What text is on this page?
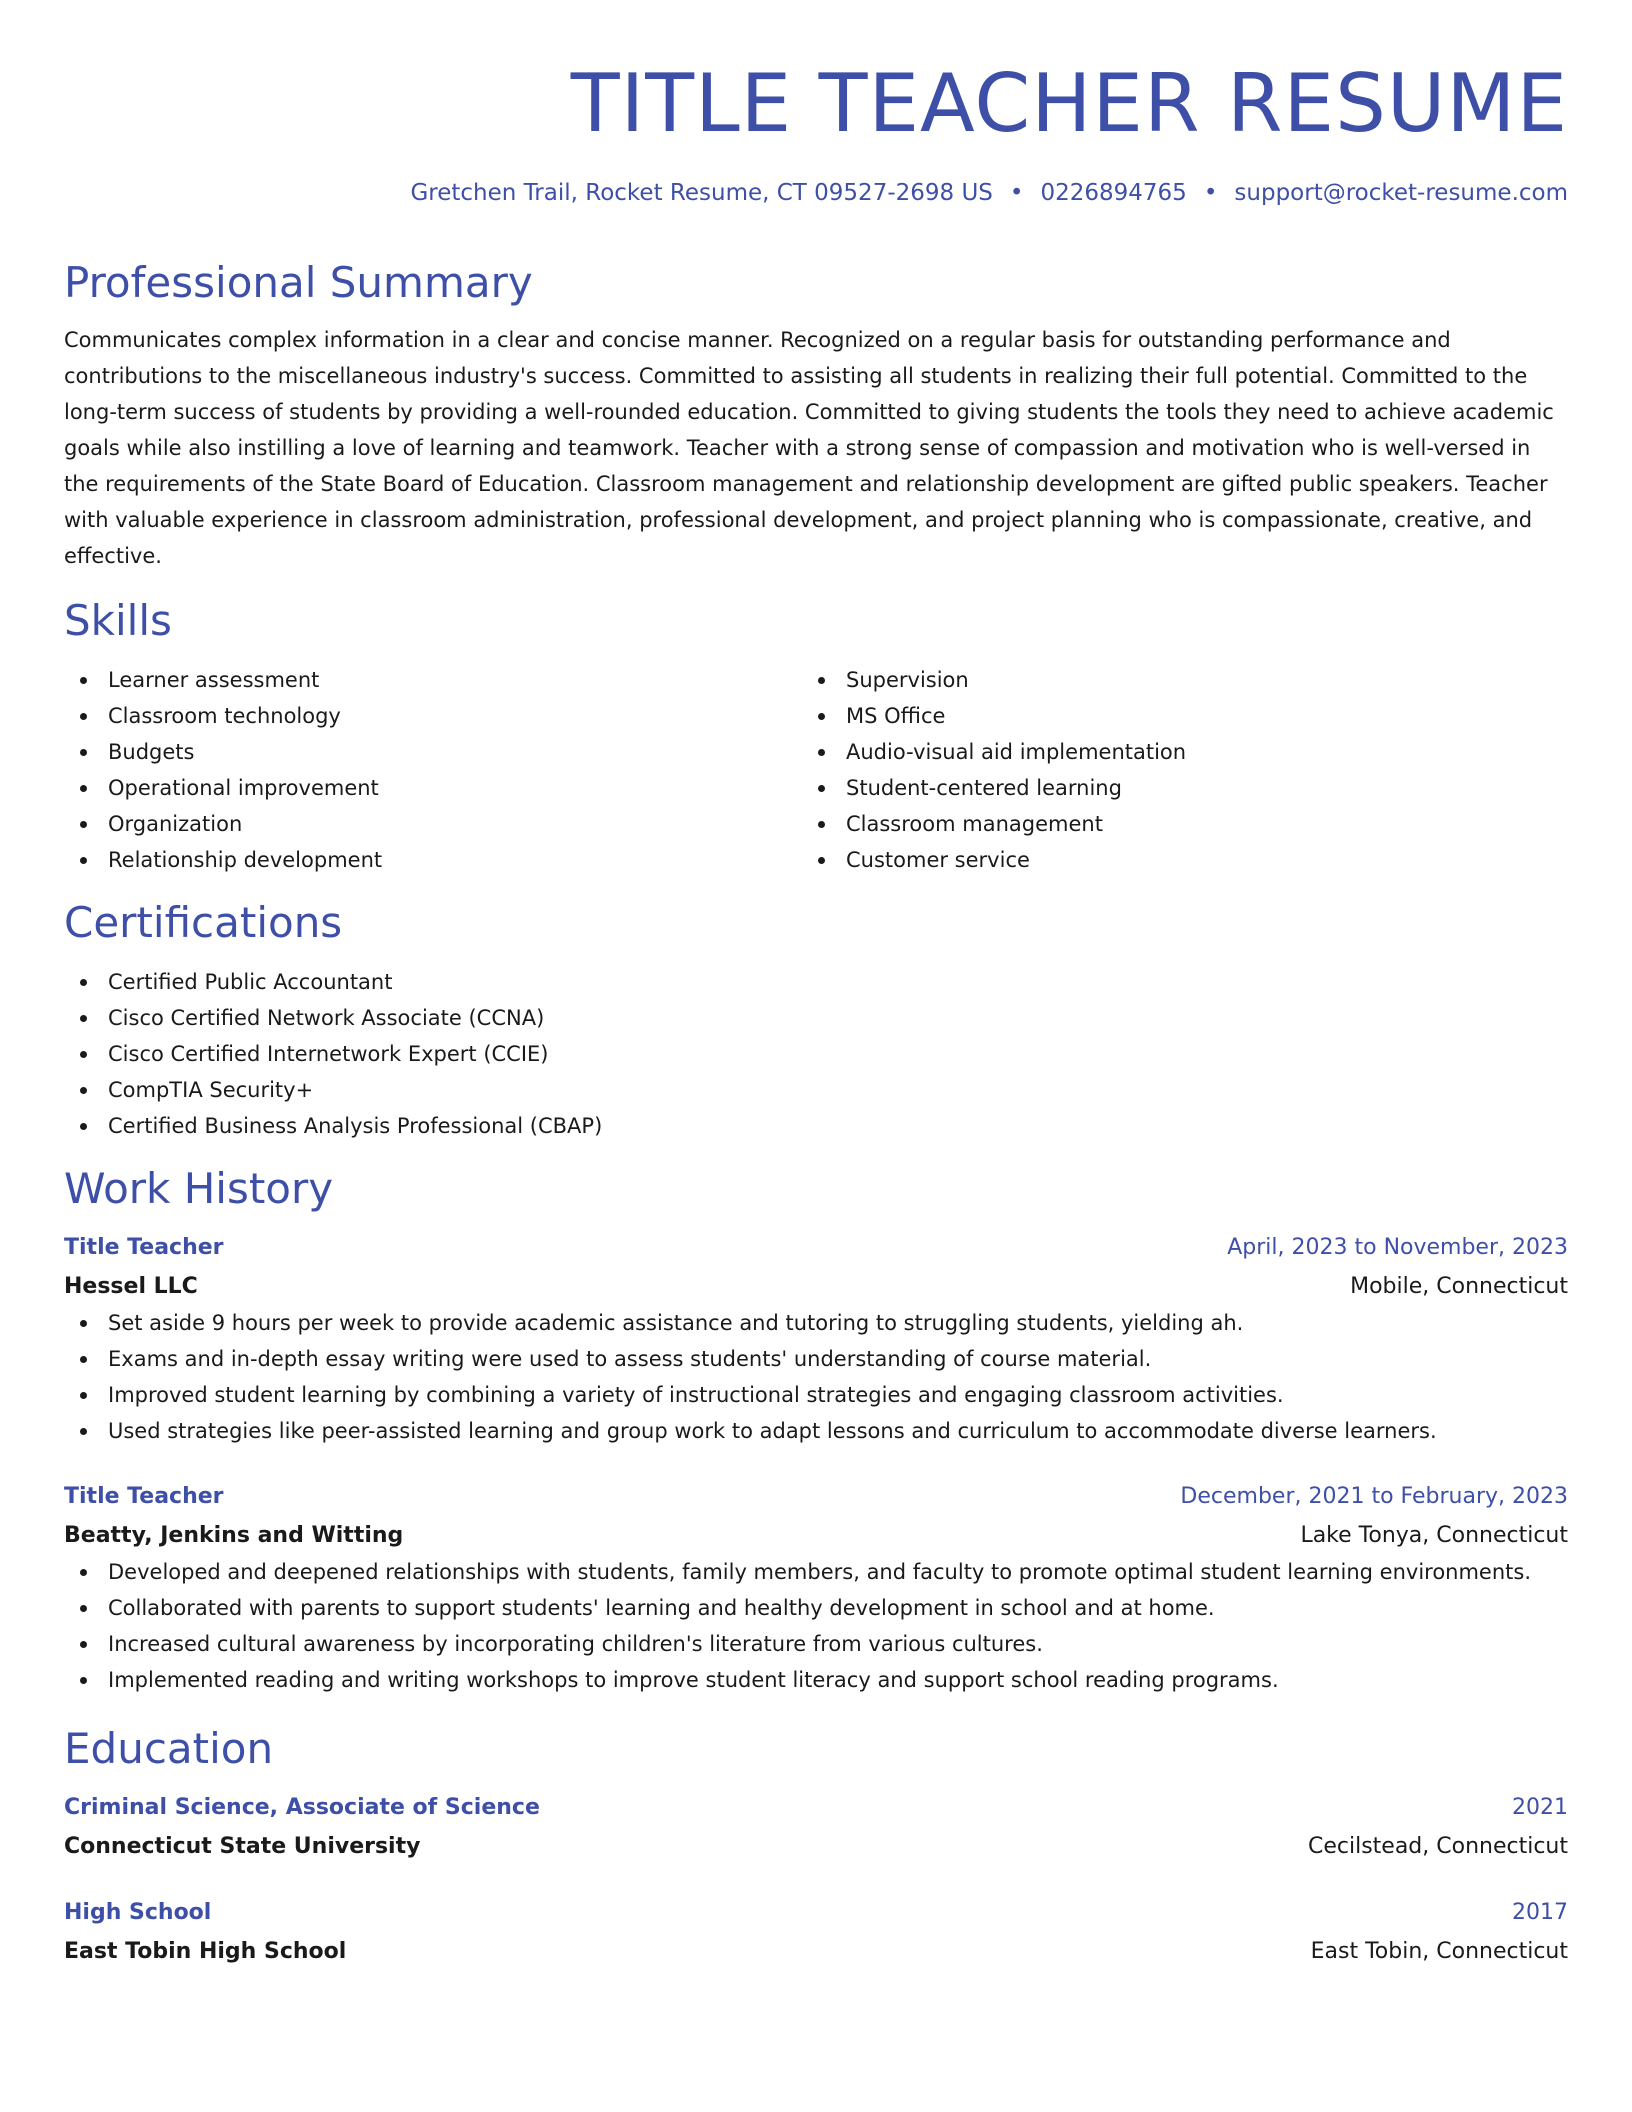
TITLE TEACHER RESUME
Gretchen Trail, Rocket Resume, CT 09527-2698 US • 0226894765 • support@rocket-resume.com
Professional Summary

Communicates complex information in a clear and concise manner. Recognized on a regular basis for outstanding performance and contributions to the miscellaneous industry's success. Committed to assisting all students in realizing their full potential. Committed to the long-term success of students by providing a well-rounded education. Committed to giving students the tools they need to achieve academic goals while also instilling a love of learning and teamwork. Teacher with a strong sense of compassion and motivation who is well-versed in the requirements of the State Board of Education. Classroom management and relationship development are gifted public speakers. Teacher with valuable experience in classroom administration, professional development, and project planning who is compassionate, creative, and effective.

Skills
Learner assessment
Classroom technology
Budgets
Operational improvement
Organization
Relationship development
Supervision
MS Office
Audio-visual aid implementation
Student-centered learning
Classroom management
Customer service
Certifications
Certified Public Accountant
Cisco Certified Network Associate (CCNA)
Cisco Certified Internetwork Expert (CCIE)
CompTIA Security+
Certified Business Analysis Professional (CBAP)
Work History
Title Teacher	April, 2023 to November, 2023
Hessel LLC	Mobile, Connecticut
Set aside 9 hours per week to provide academic assistance and tutoring to struggling students, yielding ah.
Exams and in-depth essay writing were used to assess students' understanding of course material.
Improved student learning by combining a variety of instructional strategies and engaging classroom activities.
Used strategies like peer-assisted learning and group work to adapt lessons and curriculum to accommodate diverse learners.
Title Teacher	December, 2021 to February, 2023
Beatty, Jenkins and Witting	Lake Tonya, Connecticut
Developed and deepened relationships with students, family members, and faculty to promote optimal student learning environments.
Collaborated with parents to support students' learning and healthy development in school and at home.
Increased cultural awareness by incorporating children's literature from various cultures.
Implemented reading and writing workshops to improve student literacy and support school reading programs.
Education
Criminal Science, Associate of Science	2021
Connecticut State University	Cecilstead, Connecticut
High School	2017
East Tobin High School	East Tobin, Connecticut
